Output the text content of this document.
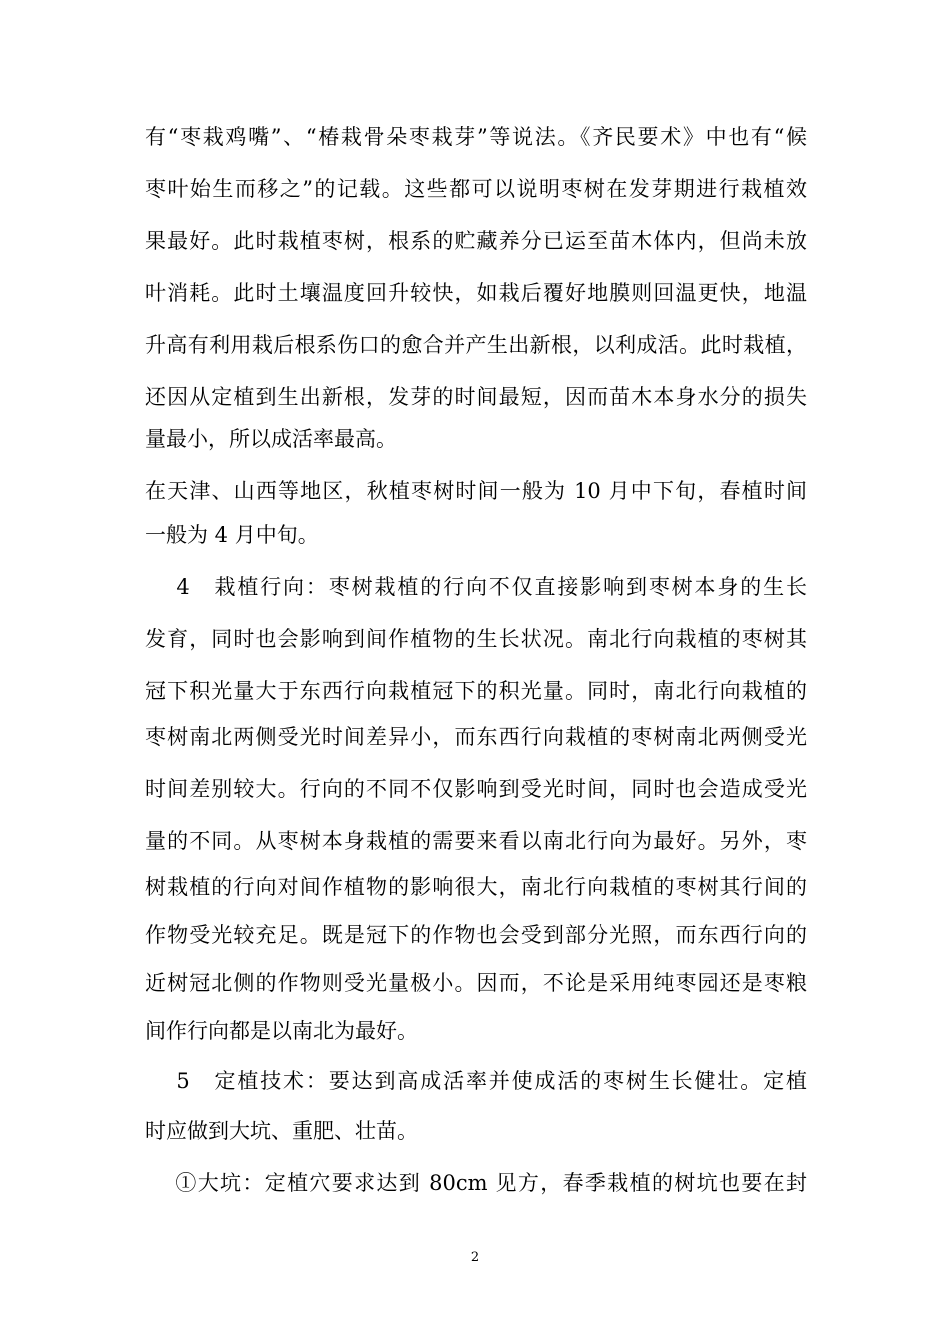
有“枣栽鸡嘴”、“椿栽骨朵枣栽芽”等说法。《齐民要术》中也有“候
枣叶始生而移之”的记载。这些都可以说明枣树在发芽期进行栽植效
果最好。此时栽植枣树，根系的贮藏养分已运至苗木体内，但尚未放
叶消耗。此时土壤温度回升较快，如栽后覆好地膜则回温更快，地温
升高有利用栽后根系伤口的愈合并产生出新根，以利成活。此时栽植，
还因从定植到生出新根，发芽的时间最短，因而苗木本身水分的损失
量最小，所以成活率最高。
在天津、山西等地区，秋植枣树时间一般为 10 月中下旬，春植时间
一般为 4 月中旬。
　 4　栽植行向：枣树栽植的行向不仅直接影响到枣树本身的生长
发育，同时也会影响到间作植物的生长状况。南北行向栽植的枣树其
冠下积光量大于东西行向栽植冠下的积光量。同时，南北行向栽植的
枣树南北两侧受光时间差异小，而东西行向栽植的枣树南北两侧受光
时间差别较大。行向的不同不仅影响到受光时间，同时也会造成受光
量的不同。从枣树本身栽植的需要来看以南北行向为最好。另外，枣
树栽植的行向对间作植物的影响很大，南北行向栽植的枣树其行间的
作物受光较充足。既是冠下的作物也会受到部分光照，而东西行向的
近树冠北侧的作物则受光量极小。因而，不论是采用纯枣园还是枣粮
间作行向都是以南北为最好。
　 5　定植技术：要达到高成活率并使成活的枣树生长健壮。定植
时应做到大坑、重肥、壮苗。
　 ①大坑：定植穴要求达到 80cm 见方，春季栽植的树坑也要在封
2
